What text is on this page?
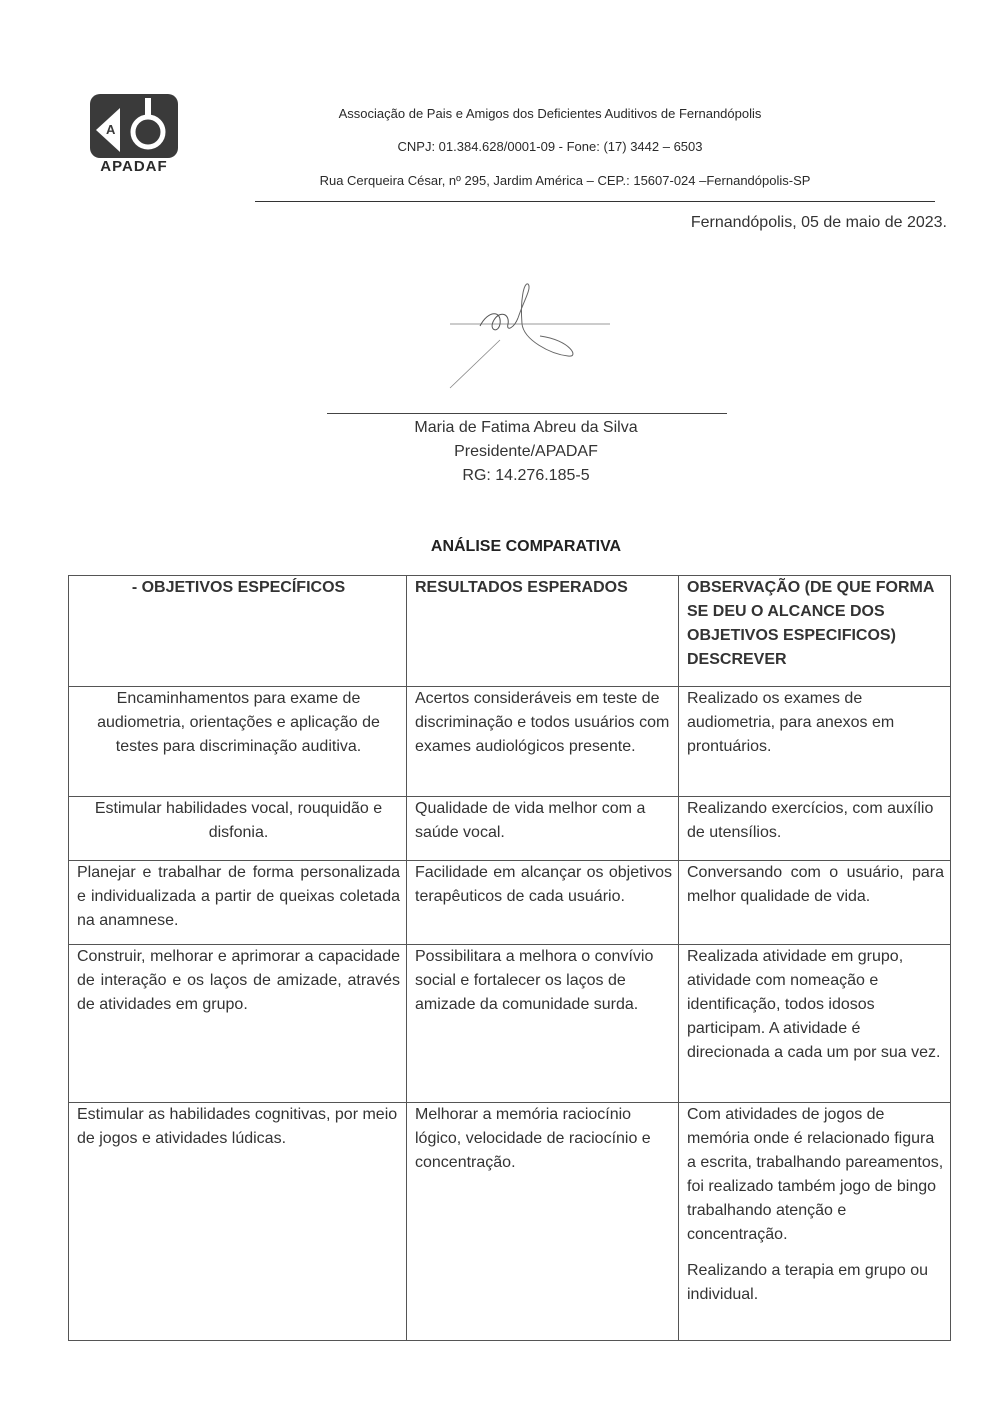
A
APADAF
Associação de Pais e Amigos dos Deficientes Auditivos de Fernandópolis
CNPJ: 01.384.628/0001-09 - Fone: (17) 3442 – 6503
Rua Cerqueira César, nº 295, Jardim América – CEP.: 15607-024 –Fernandópolis-SP
Fernandópolis, 05 de maio de 2023.
Maria de Fatima Abreu da Silva
Presidente/APADAF
RG: 14.276.185-5
ANÁLISE COMPARATIVA
- OBJETIVOS ESPECÍFICOS	RESULTADOS ESPERADOS	OBSERVAÇÃO (DE QUE FORMA SE DEU O ALCANCE DOS OBJETIVOS ESPECIFICOS) DESCREVER
Encaminhamentos para exame de audiometria, orientações e aplicação de testes para discriminação auditiva.	Acertos consideráveis em teste de discriminação e todos usuários com exames audiológicos presente.	Realizado os exames de audiometria, para anexos em prontuários.
Estimular habilidades vocal, rouquidão e disfonia.	Qualidade de vida melhor com a saúde vocal.	Realizando exercícios, com auxílio de utensílios.
Planejar e trabalhar de forma personalizada e individualizada a partir de queixas coletada na anamnese.	Facilidade em alcançar os objetivos terapêuticos de cada usuário.	Conversando com o usuário, para melhor qualidade de vida.
Construir, melhorar e aprimorar a capacidade de interação e os laços de amizade, através de atividades em grupo.	Possibilitara a melhora o convívio social e fortalecer os laços de amizade da comunidade surda.	Realizada atividade em grupo, atividade com nomeação e identificação, todos idosos participam. A atividade é direcionada a cada um por sua vez.
Estimular as habilidades cognitivas, por meio de jogos e atividades lúdicas.	Melhorar a memória raciocínio lógico, velocidade de raciocínio e concentração.	Com atividades de jogos de memória onde é relacionado figura a escrita, trabalhando pareamentos, foi realizado também jogo de bingo trabalhando atenção e concentração.
Realizando a terapia em grupo ou individual.
